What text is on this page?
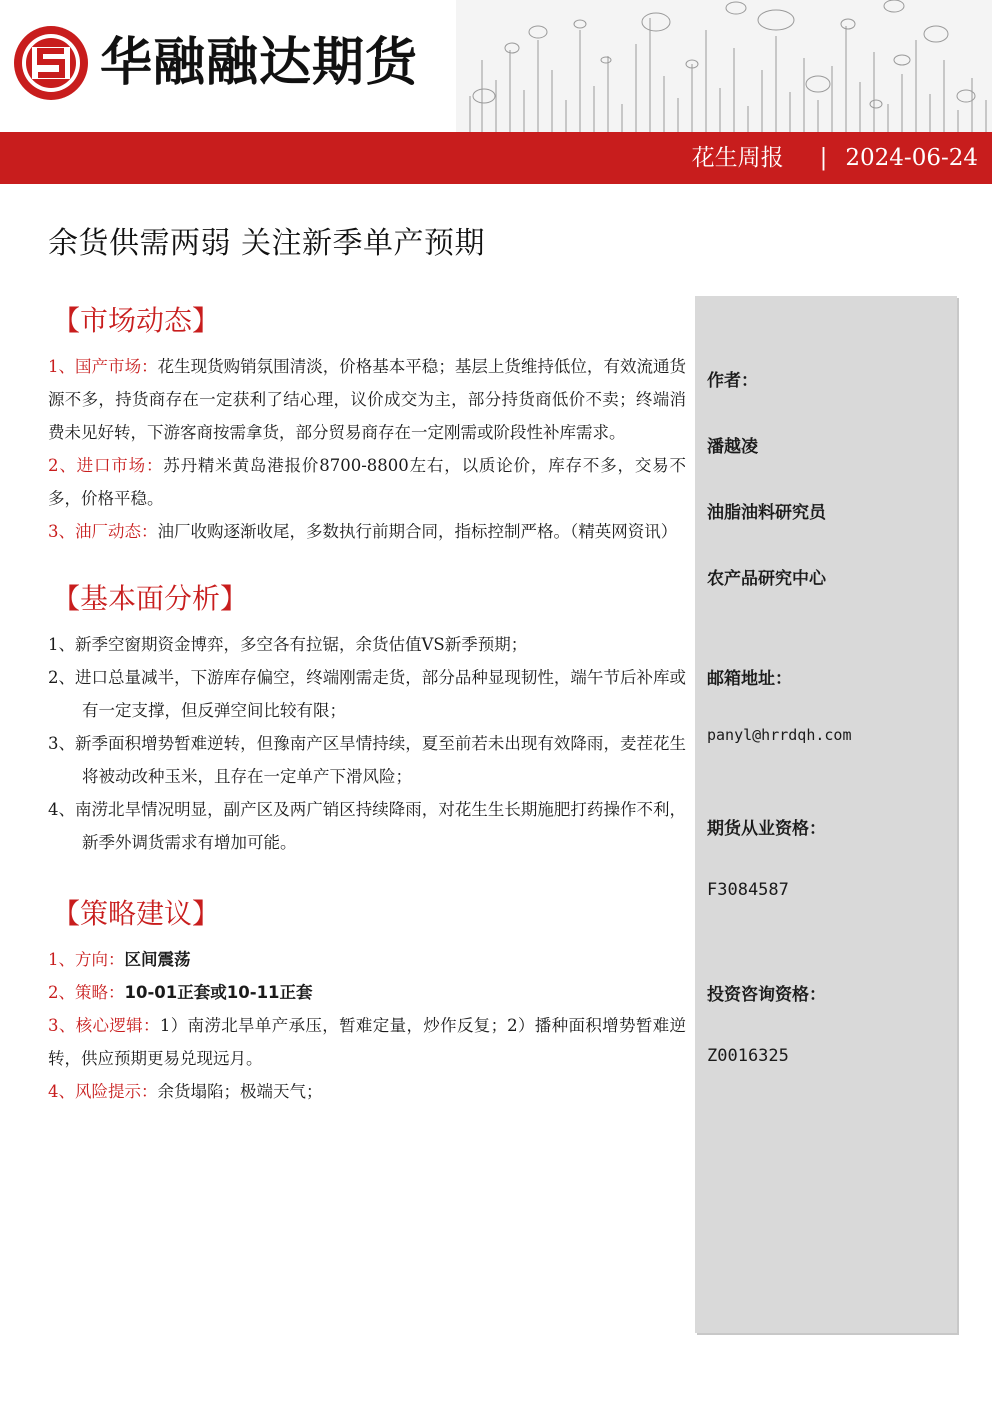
华融融达期货
花生周报 | 2024-06-24
余货供需两弱 关注新季单产预期
【市场动态】

1、国产市场：花生现货购销氛围清淡，价格基本平稳；基层上货维持低位，有效流通货源不多，持货商存在一定获利了结心理，议价成交为主，部分持货商低价不卖；终端消费未见好转，下游客商按需拿货，部分贸易商存在一定刚需或阶段性补库需求。

2、进口市场：苏丹精米黄岛港报价8700-8800左右，以质论价，库存不多，交易不多，价格平稳。

3、油厂动态：油厂收购逐渐收尾，多数执行前期合同，指标控制严格。（精英网资讯）

【基本面分析】
1、新季空窗期资金博弈，多空各有拉锯，余货估值VS新季预期；
2、进口总量减半，下游库存偏空，终端刚需走货，部分品种显现韧性，端午节后补库或有一定支撑，但反弹空间比较有限；
3、新季面积增势暂难逆转，但豫南产区旱情持续，夏至前若未出现有效降雨，麦茬花生将被动改种玉米，且存在一定单产下滑风险；
4、南涝北旱情况明显，副产区及两广销区持续降雨，对花生生长期施肥打药操作不利，新季外调货需求有增加可能。
【策略建议】

1、方向：区间震荡

2、策略：10-01正套或10-11正套

3、核心逻辑：1）南涝北旱单产承压，暂难定量，炒作反复；2）播种面积增势暂难逆转，供应预期更易兑现远月。

4、风险提示：余货塌陷；极端天气；

作者：
潘越凌
油脂油料研究员
农产品研究中心
邮箱地址：
panyl@hrrdqh.com
期货从业资格：
F3084587
投资咨询资格：
Z0016325
